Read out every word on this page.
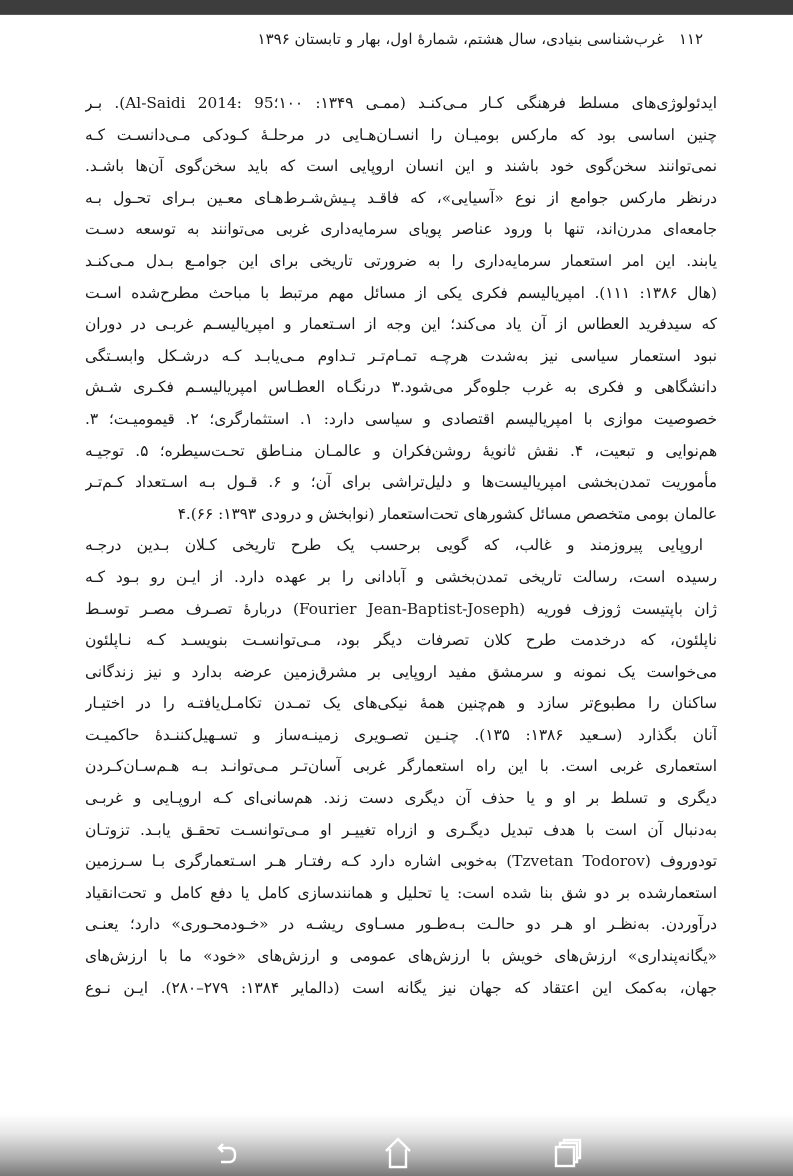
۱۱۲ غرب‌شناسی بنیادی، سال هشتم، شمارهٔ اول، بهار و تابستان ۱۳۹۶
ایدئولوژی‌های مسلط فرهنگی کـار مـی‌کنـد (ممـی ۱۳۴۹: ۱۰۰؛95 :Al-Saidi 2014). بـر
چنین اساسی بود که مارکس بومیـان را انسـان‌هـایی در مرحلـهٔ کـودکی مـی‌دانسـت کـه
نمی‌توانند سخن‌گوی خود باشند و این انسان اروپایی است که باید سخن‌گوی آن‌ها باشـد.
درنظر مارکس جوامع از نوع «آسیایی»، که فاقـد پـیش‌شـرط‌هـای معـین بـرای تحـول بـه
جامعه‌ای مدرن‌اند، تنها با ورود عناصر پویای سرمایه‌داری غربی می‌توانند به توسعه دسـت
یابند. این امر استعمار سرمایه‌داری را به ضرورتی تاریخی برای این جوامـع بـدل مـی‌کنـد
(هال ۱۳۸۶: ۱۱۱). امپریالیسم فکری یکی از مسائل مهم مرتبط با مباحث مطرح‌شده اسـت
که سیدفرید العطاس از آن یاد می‌کند؛ این وجه از اسـتعمار و امپریالیسـم غربـی در دوران
نبود استعمار سیاسی نیز به‌شدت هرچـه تمـام‌تـر تـداوم مـی‌یابـد کـه درشـکل وابسـتگی
دانشگاهی و فکری به غرب جلوه‌گر می‌شود.۳ درنگـاه العطـاس امپریالیسـم فکـری شـش
خصوصیت موازی با امپریالیسم اقتصادی و سیاسی دارد: ۱. استثمارگری؛ ۲. قیمومیـت؛ ۳.
هم‌نوایی و تبعیت، ۴. نقش ثانویهٔ روشن‌فکران و عالمـان منـاطق تحـت‌سیطره؛ ۵. توجیـه
مأموریت تمدن‌بخشی امپریالیست‌ها و دلیل‌تراشی برای آن؛ و ۶. قـول بـه اسـتعداد کـم‌تـر
عالمان بومی متخصص مسائل کشورهای تحت‌استعمار (نوابخش و درودی ۱۳۹۳: ۶۶).۴
اروپایی پیروزمند و غالب، که گویی برحسب یک طرح تاریخی کـلان بـدین درجـه
رسیده است، رسالت تاریخی تمدن‌بخشی و آبادانی را بر عهده دارد. از ایـن رو بـود کـه
ژان باپتیست ژوزف فوریه (Fourier Jean-Baptist-Joseph) دربارهٔ تصـرف مصـر توسـط
ناپلئون، که درخدمت طرح کلان تصرفات دیگر بود، مـی‌توانسـت بنویسـد کـه نـاپلئون
می‌خواست یک نمونه و سرمشق مفید اروپایی بر مشرق‌زمین عرضه بدارد و نیز زندگانی
ساکنان را مطبوع‌تر سازد و هم‌چنین همهٔ نیکی‌های یک تمـدن تکامـل‌یافتـه را در اختیـار
آنان بگذارد (سـعید ۱۳۸۶: ۱۳۵). چنـین تصـویری زمینـه‌ساز و تسـهیل‌کننـدهٔ حاکمیـت
استعماری غربی است. با این راه استعمارگر غربی آسان‌تـر مـی‌توانـد بـه هـم‌سـان‌کـردن
دیگری و تسلط بر او و یا حذف آن دیگری دست زند. هم‌سانی‌ای کـه اروپـایی و غربـی
به‌دنبال آن است با هدف تبدیل دیگـری و ازراه تغییـر او مـی‌توانسـت تحقـق یابـد. تزوتـان
تودوروف (Tzvetan Todorov) به‌خوبی اشاره دارد کـه رفتـار هـر اسـتعمارگری بـا سـرزمین
استعمارشده بر دو شق بنا شده است: یا تحلیل و همانندسازی کامل یا دفع کامل و تحت‌انقیاد
درآوردن. به‌نظـر او هـر دو حالـت بـه‌طـور مسـاوی ریشـه در «خـودمحـوری» دارد؛ یعنـی
«یگانه‌پنداری» ارزش‌های خویش با ارزش‌های عمومی و ارزش‌های «خود» ما با ارزش‌های
جهان، به‌کمک این اعتقاد که جهان نیز یگانه است (دالمایر ۱۳۸۴: ۲۷۹–۲۸۰). ایـن نـوع
